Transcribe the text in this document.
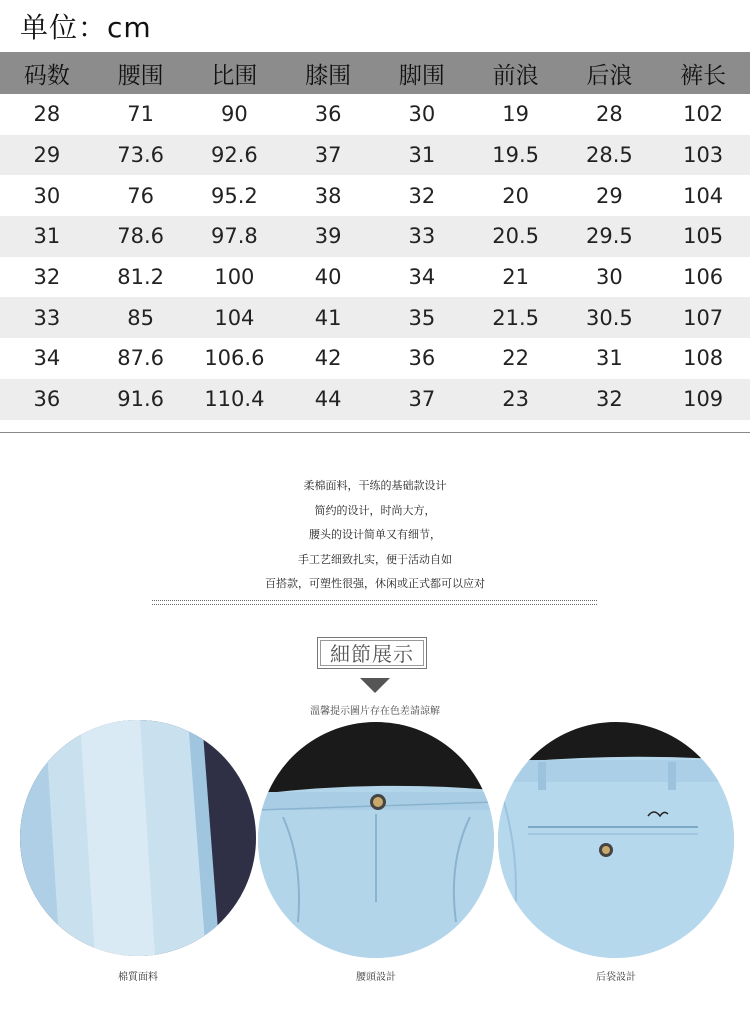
单位：cm
码数	腰围	比围	膝围	脚围	前浪	后浪	裤长
28	71	90	36	30	19	28	102
29	73.6	92.6	37	31	19.5	28.5	103
30	76	95.2	38	32	20	29	104
31	78.6	97.8	39	33	20.5	29.5	105
32	81.2	100	40	34	21	30	106
33	85	104	41	35	21.5	30.5	107
34	87.6	106.6	42	36	22	31	108
36	91.6	110.4	44	37	23	32	109
柔棉面料，干练的基础款设计
简约的设计，时尚大方，
腰头的设计简单又有细节，
手工艺细致扎实，便于活动自如
百搭款，可塑性很强，休闲或正式都可以应对
細節展示
溫馨提示圖片存在色差請諒解
棉質面料	腰頭設計	后袋設計
